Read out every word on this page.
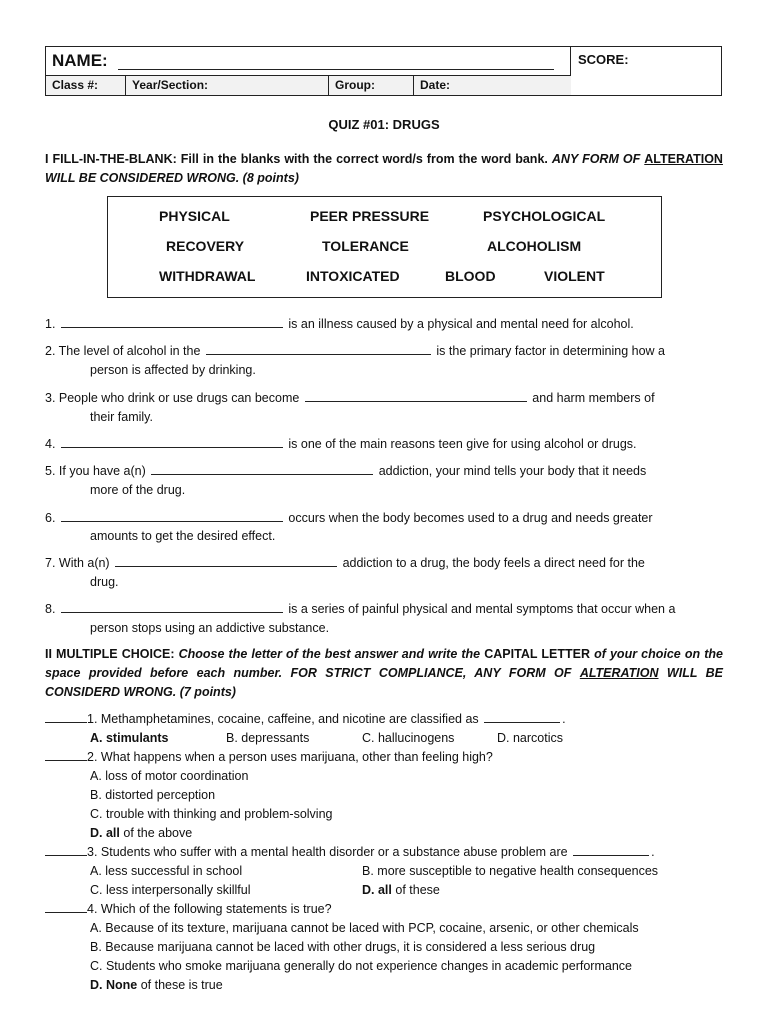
NAME:	SCORE:
Class #:	Year/Section:	Group:	Date:
QUIZ #01: DRUGS
I FILL-IN-THE-BLANK: Fill in the blanks with the correct word/s from the word bank. ANY FORM OF ALTERATION WILL BE CONSIDERED WRONG. (8 points)
PHYSICAL	PEER PRESSURE	PSYCHOLOGICAL
RECOVERY	TOLERANCE	ALCOHOLISM
WITHDRAWAL	INTOXICATED	BLOOD	VIOLENT
1.	is an illness caused by a physical and mental need for alcohol.
2. The level of alcohol in the	is the primary factor in determining how a
person is affected by drinking.
3. People who drink or use drugs can become	and harm members of
their family.
4.	is one of the main reasons teen give for using alcohol or drugs.
5. If you have a(n)	addiction, your mind tells your body that it needs
more of the drug.
6.	occurs when the body becomes used to a drug and needs greater
amounts to get the desired effect.
7. With a(n)	addiction to a drug, the body feels a direct need for the
drug.
8.	is a series of painful physical and mental symptoms that occur when a
person stops using an addictive substance.
II MULTIPLE CHOICE: Choose the letter of the best answer and write the CAPITAL LETTER of your choice on the space provided before each number. FOR STRICT COMPLIANCE, ANY FORM OF ALTERATION WILL BE CONSIDERD WRONG. (7 points)
1. Methamphetamines, cocaine, caffeine, and nicotine are classified as	.
A. stimulants	B. depressants	C. hallucinogens	D. narcotics
2. What happens when a person uses marijuana, other than feeling high?
A. loss of motor coordination
B. distorted perception
C. trouble with thinking and problem-solving
D. all of the above
3. Students who suffer with a mental health disorder or a substance abuse problem are	.
A. less successful in school	B. more susceptible to negative health consequences
C. less interpersonally skillful	D. all of these
4. Which of the following statements is true?
A. Because of its texture, marijuana cannot be laced with PCP, cocaine, arsenic, or other chemicals
B. Because marijuana cannot be laced with other drugs, it is considered a less serious drug
C. Students who smoke marijuana generally do not experience changes in academic performance
D. None of these is true
